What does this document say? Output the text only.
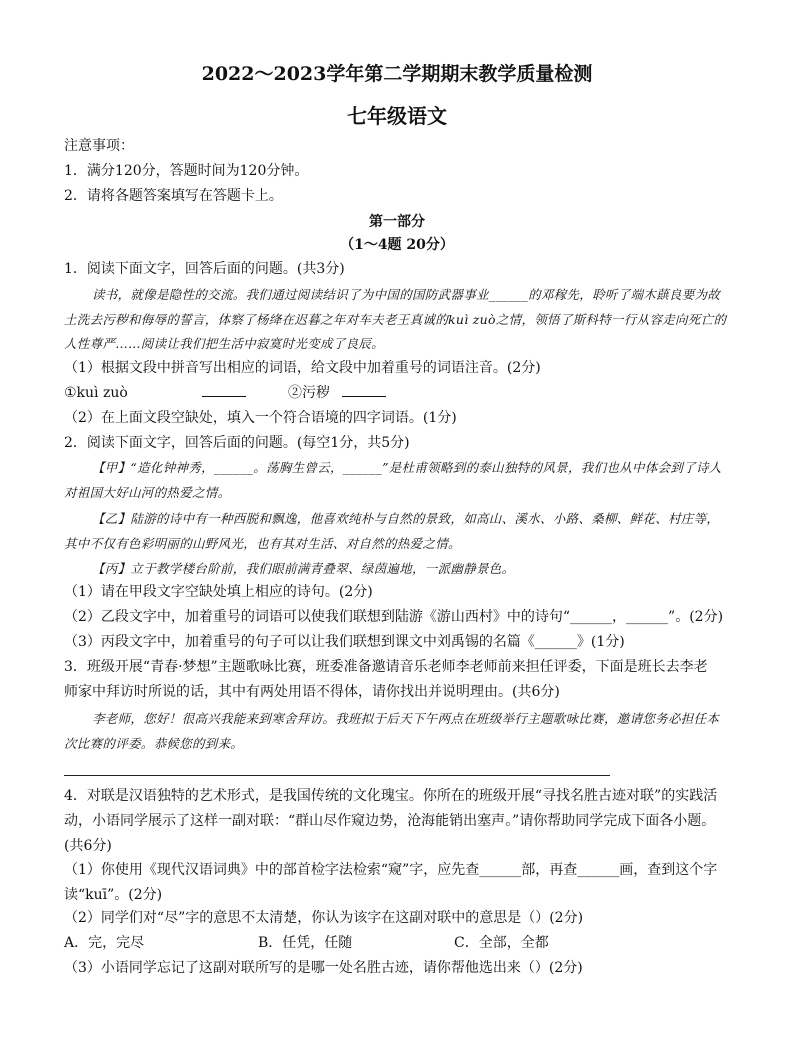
2022～2023学年第二学期期末教学质量检测
七年级语文
注意事项：
1．满分120分，答题时间为120分钟。
2．请将各题答案填写在答题卡上。
第一部分
（1～4题 20分）
1．阅读下面文字，回答后面的问题。(共3分)
读书，就像是隐性的交流。我们通过阅读结识了为中国的国防武器事业______的邓稼先，聆听了端木蕻良要为故土洗去污秽和侮辱的誓言，体察了杨绛在迟暮之年对车夫老王真诚的kuì zuò之情，领悟了斯科特一行从容走向死亡的人性尊严……阅读让我们把生活中寂寞时光变成了良辰。
（1）根据文段中拼音写出相应的词语，给文段中加着重号的词语注音。(2分)
①kuì zuò	②污秽
（2）在上面文段空缺处，填入一个符合语境的四字词语。(1分)
2．阅读下面文字，回答后面的问题。(每空1分，共5分)
【甲】“造化钟神秀，______。荡胸生曾云，______”是杜甫领略到的泰山独特的风景，我们也从中体会到了诗人对祖国大好山河的热爱之情。
【乙】陆游的诗中有一种西脱和飘逸，他喜欢纯朴与自然的景致，如高山、溪水、小路、桑柳、鲜花、村庄等，其中不仅有色彩明丽的山野风光，也有其对生活、对自然的热爱之情。
【丙】立于教学楼台阶前，我们眼前满青叠翠、绿茵遍地，一派幽静景色。
（1）请在甲段文字空缺处填上相应的诗句。(2分)
（2）乙段文字中，加着重号的词语可以使我们联想到陆游《游山西村》中的诗句“______，______”。(2分)
（3）丙段文字中，加着重号的句子可以让我们联想到课文中刘禹锡的名篇《______》(1分)
3．班级开展“青春·梦想”主题歌咏比赛，班委准备邀请音乐老师李老师前来担任评委，下面是班长去李老
师家中拜访时所说的话，其中有两处用语不得体，请你找出并说明理由。(共6分)
李老师，您好！很高兴我能来到寒舍拜访。我班拟于后天下午两点在班级举行主题歌咏比赛，邀请您务必担任本次比赛的评委。恭候您的到来。
4．对联是汉语独特的艺术形式，是我国传统的文化瑰宝。你所在的班级开展“寻找名胜古迹对联”的实践活动，小语同学展示了这样一副对联：“群山尽作窥边势，沧海能销出塞声。”请你帮助同学完成下面各小题。(共6分)
（1）你使用《现代汉语词典》中的部首检字法检索“窥”字，应先查______部，再查______画，查到这个字读“kuī”。(2分)
（2）同学们对“尽”字的意思不太清楚，你认为该字在这副对联中的意思是（）(2分)
A．完，完尽	B．任凭，任随	C．全部，全都
（3）小语同学忘记了这副对联所写的是哪一处名胜古迹，请你帮他选出来（）(2分)
